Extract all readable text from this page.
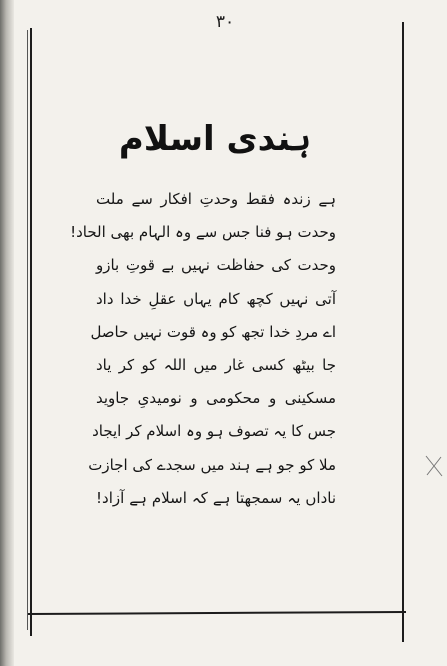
۳۰
ہندی اسلام
ہے زندہ فقط وحدتِ افکار سے ملت
وحدت ہو فنا جس سے وہ الہام بھی الحاد!
وحدت کی حفاظت نہیں بے قوتِ بازو
آتی نہیں کچھ کام یہاں عقلِ خدا داد
اے مردِ خدا تجھ کو وہ قوت نہیں حاصل
جا بیٹھ کسی غار میں اللہ کو کر یاد
مسکینی و محکومی و نومیدیِ جاوید
جس کا یہ تصوف ہو وہ اسلام کر ایجاد
ملا کو جو ہے ہند میں سجدے کی اجازت
ناداں یہ سمجھتا ہے کہ اسلام ہے آزاد!
